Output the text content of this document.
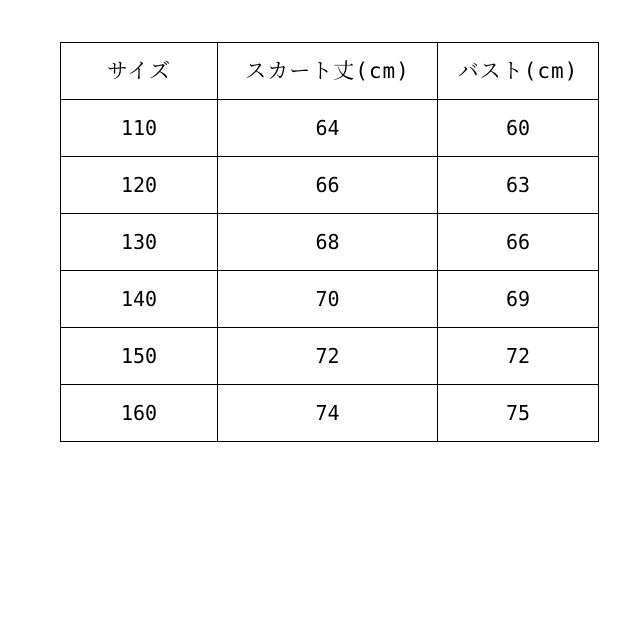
サイズ	スカート丈(cm)	バスト(cm)
110	64	60
120	66	63
130	68	66
140	70	69
150	72	72
160	74	75
